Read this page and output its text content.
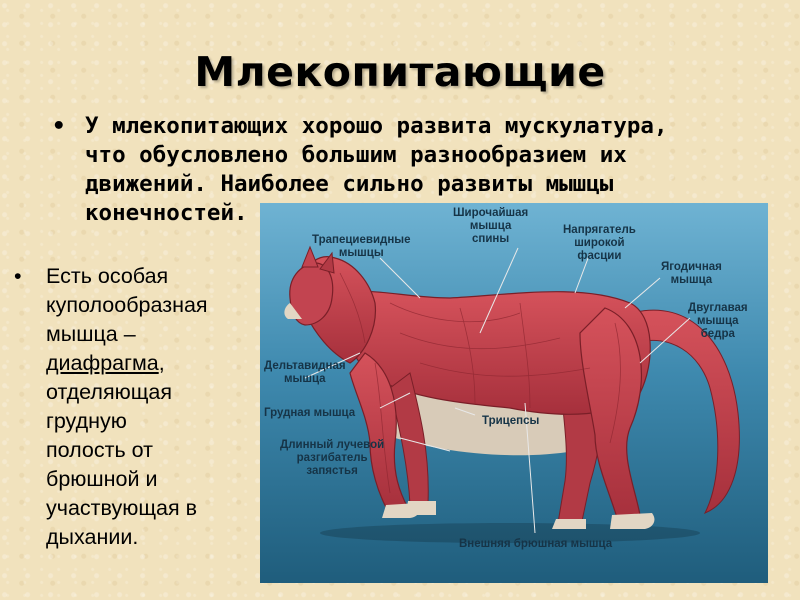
Млекопитающие
• У млекопитающих хорошо развита мускулатура, что обусловлено большим разнообразием их движений. Наиболее сильно развиты мышцы конечностей.
Трапециевидные
мышцы
Широчайшая
мышца
спины
Напрягатель
широкой
фасции
Ягодичная
мышца
Двуглавая
мышца
бедра
Дельтавидная
мышца
Грудная мышца
Трицепсы
Длинный лучевой
разгибатель
запястья
Внешняя брюшная мышца
•	Есть особая
куполообразная
мышца –
диафрагма,
отделяющая
грудную
полость от
брюшной и
участвующая в
дыхании.
